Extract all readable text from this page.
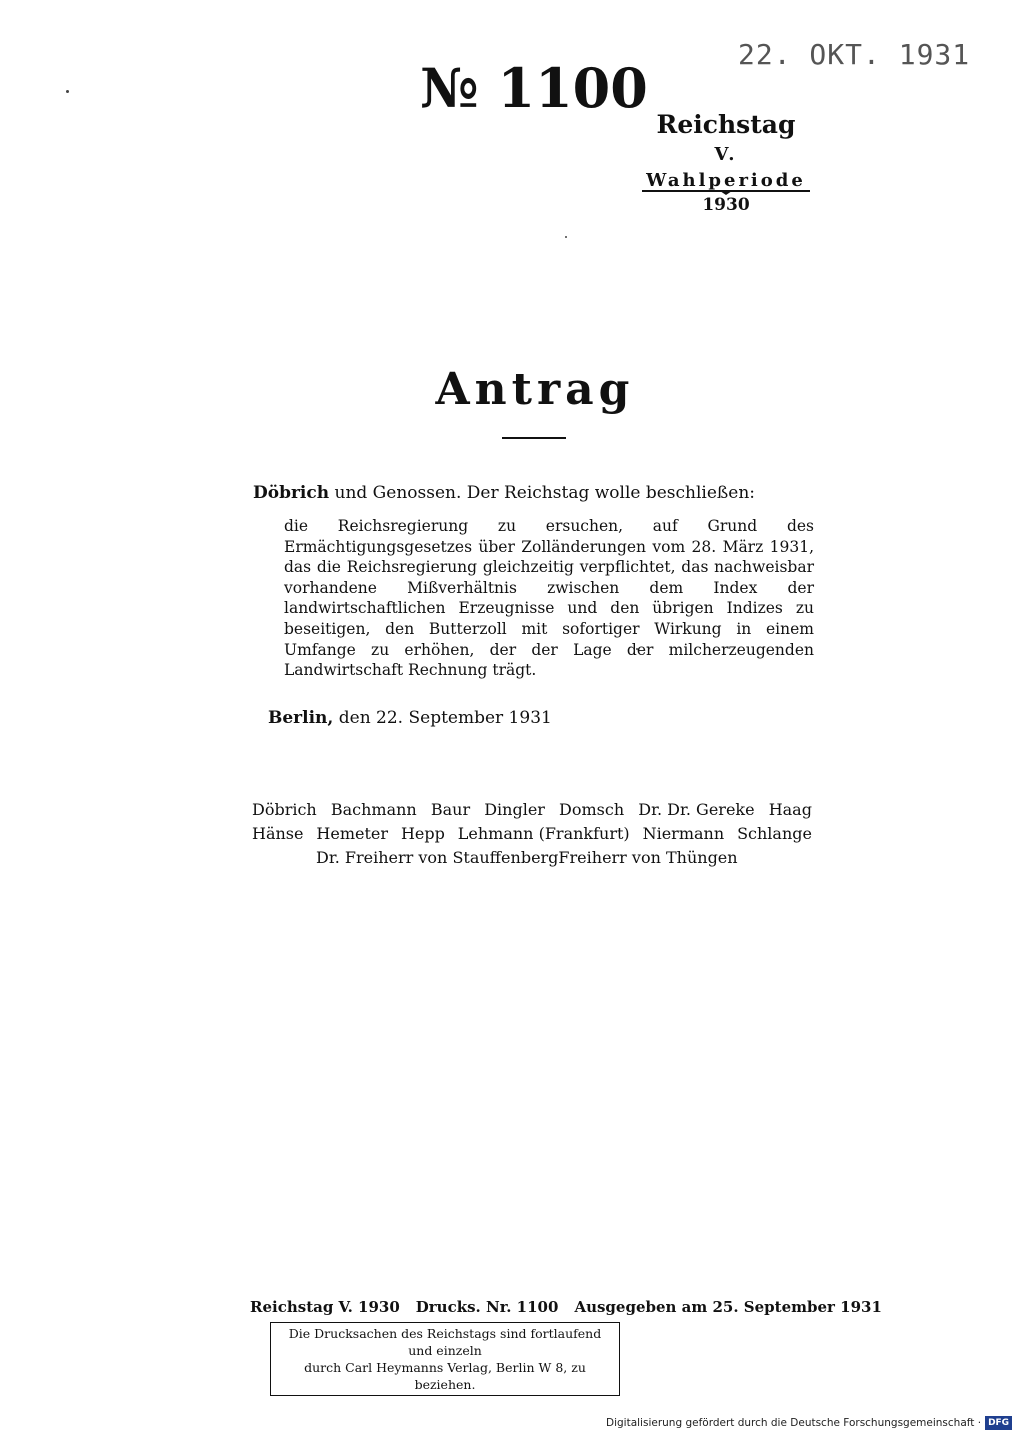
22. OKT. 1931
№ 1100
Reichstag
V. Wahlperiode
1930
Antrag
Döbrich und Genossen. Der Reichstag wolle beschließen:
die Reichsregierung zu ersuchen, auf Grund des Ermächtigungsgesetzes über Zolländerungen vom 28. März 1931, das die Reichsregierung gleichzeitig verpflichtet, das nachweisbar vorhandene Mißverhältnis zwischen dem Index der landwirtschaftlichen Erzeugnisse und den übrigen Indizes zu beseitigen, den Butterzoll mit sofortiger Wirkung in einem Umfange zu erhöhen, der der Lage der milcherzeugenden Landwirtschaft Rechnung trägt.
Berlin, den 22. September 1931
Döbrich Bachmann Baur Dingler Domsch Dr. Dr. Gereke Haag
Hänse Hemeter Hepp Lehmann (Frankfurt) Niermann Schlange
Dr. Freiherr von Stauffenberg Freiherr von Thüngen
Reichstag V. 1930 Drucks. Nr. 1100 Ausgegeben am 25. September 1931
Die Drucksachen des Reichstags sind fortlaufend und einzeln
durch Carl Heymanns Verlag, Berlin W 8, zu beziehen.
Digitalisierung gefördert durch die Deutsche Forschungsgemeinschaft · DFG
